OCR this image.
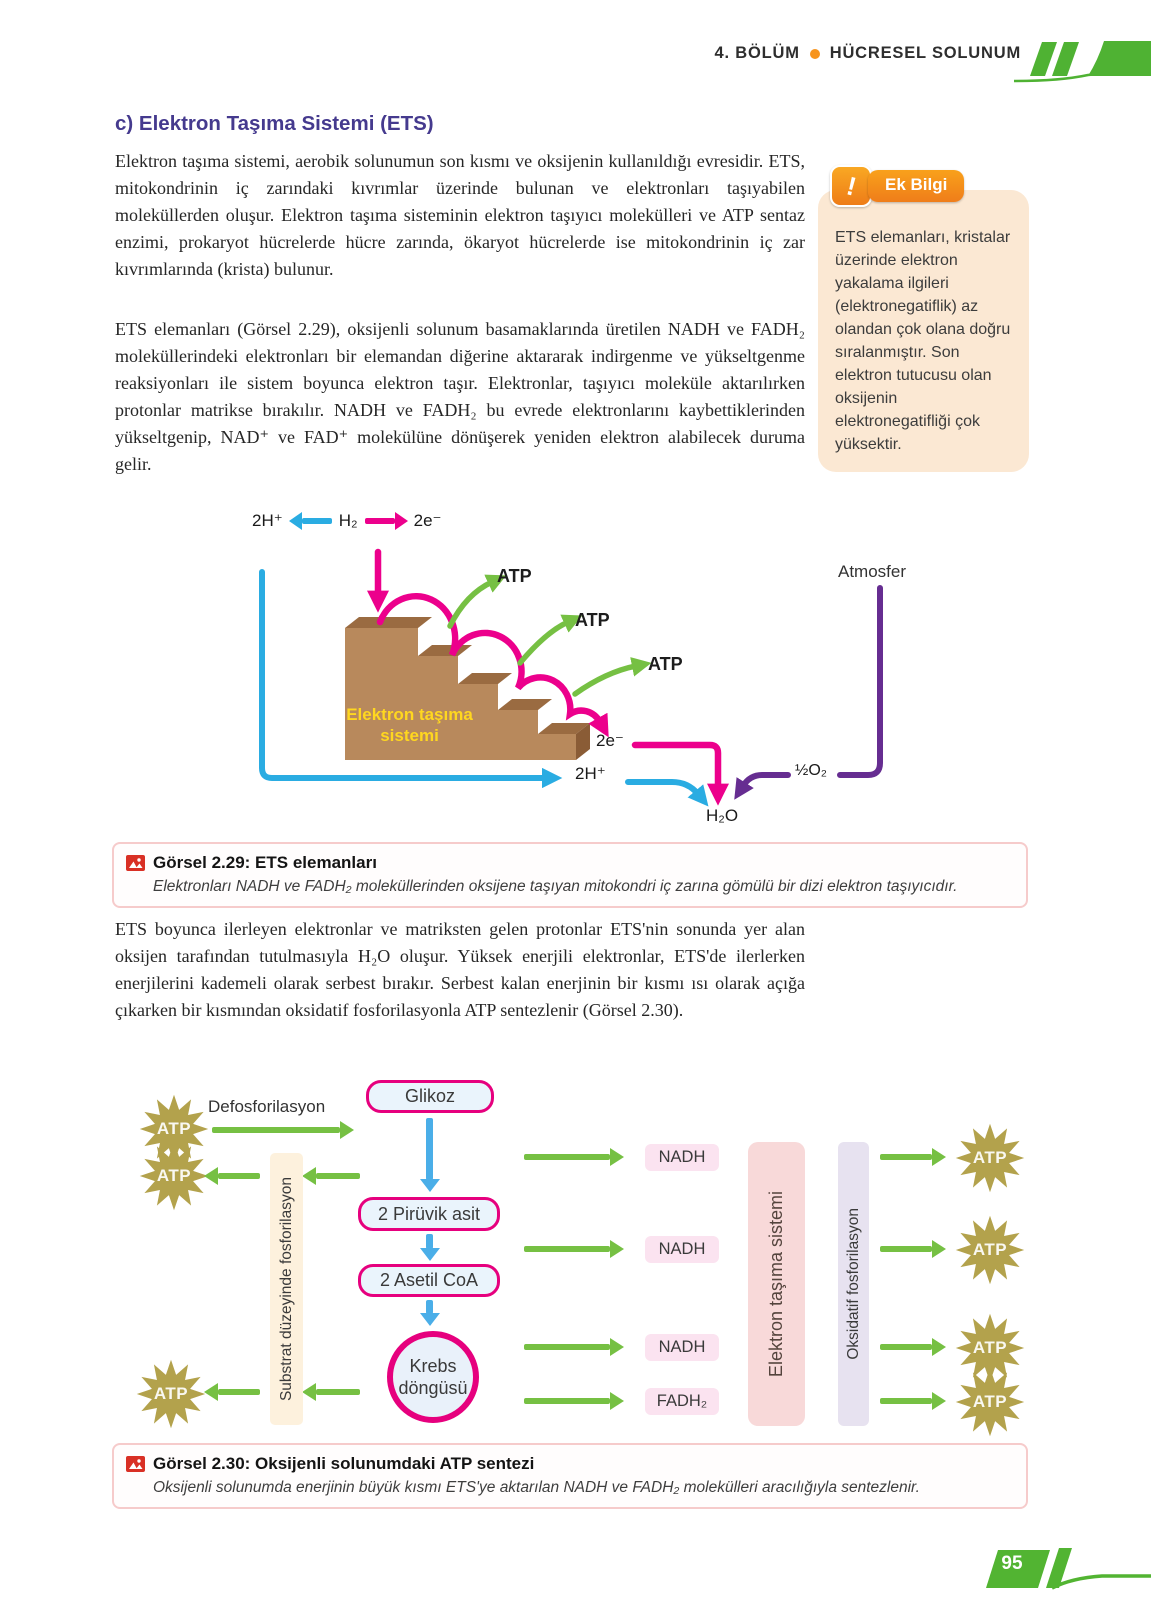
4. BÖLÜM HÜCRESEL SOLUNUM
c) Elektron Taşıma Sistemi (ETS)
Elektron taşıma sistemi, aerobik solunumun son kısmı ve oksijenin kullanıldığı evresidir. ETS, mitokondrinin iç zarındaki kıvrımlar üzerinde bulunan ve elektronları taşıyabilen moleküllerden oluşur. Elektron taşıma sisteminin elektron taşıyıcı molekülleri ve ATP sentaz enzimi, prokaryot hücrelerde hücre zarında, ökaryot hücrelerde ise mitokondrinin iç zar kıvrımlarında (krista) bulunur.
ETS elemanları (Görsel 2.29), oksijenli solunum basamaklarında üretilen NADH ve FADH₂ moleküllerindeki elektronları bir elemandan diğerine aktararak indirgenme ve yükseltgenme reaksiyonları ile sistem boyunca elektron taşır. Elektronlar, taşıyıcı moleküle aktarılırken protonlar matrikse bırakılır. NADH ve FADH₂ bu evrede elektronlarını kaybettiklerinden yükseltgenip, NAD⁺ ve FAD⁺ molekülüne dönüşerek yeniden elektron alabilecek duruma gelir.
ETS boyunca ilerleyen elektronlar ve matriksten gelen protonlar ETS'nin sonunda yer alan oksijen tarafından tutulmasıyla H₂O oluşur. Yüksek enerjili elektronlar, ETS'de ilerlerken enerjilerini kademeli olarak serbest bırakır. Serbest kalan enerjinin bir kısmı ısı olarak açığa çıkarken bir kısmından oksidatif fosforilasyonla ATP sentezlenir (Görsel 2.30).
!	Ek Bilgi
ETS elemanları, kristalar üzerinde elektron yakalama ilgileri (elektronegatiflik) az olandan çok olana doğru sıralanmıştır. Son elektron tutucusu olan oksijenin elektronegatifliği çok yüksektir.
2H⁺	H₂	2e⁻
ATP
ATP
ATP
Atmosfer
Elektron taşıma sistemi	2e⁻
2H⁺	½O₂
H₂O
Görsel 2.29: ETS elemanları
Elektronları NADH ve FADH₂ moleküllerinden oksijene taşıyan mitokondri iç zarına gömülü bir dizi elektron taşıyıcıdır.
ATP
ATP
ATP
Defosforilasyon
Substrat düzeyinde fosforilasyon
Glikoz
2 Pirüvik asit
2 Asetil CoA
Krebs döngüsü
NADH
NADH
NADH
FADH₂
Elektron taşıma sistemi	Oksidatif fosforilasyon
ATP
ATP
ATP
ATP
Görsel 2.30: Oksijenli solunumdaki ATP sentezi
Oksijenli solunumda enerjinin büyük kısmı ETS'ye aktarılan NADH ve FADH₂ molekülleri aracılığıyla sentezlenir.
95
